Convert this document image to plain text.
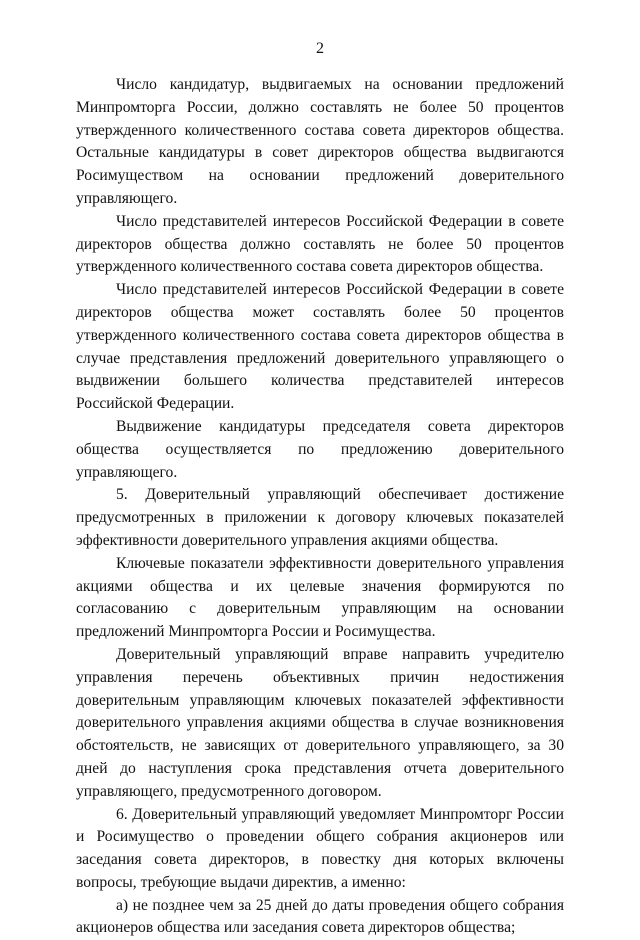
2

Число кандидатур, выдвигаемых на основании предложений Минпромторга России, должно составлять не более 50 процентов утвержденного количественного состава совета директоров общества. Остальные кандидатуры в совет директоров общества выдвигаются Росимуществом на основании предложений доверительного управляющего.

Число представителей интересов Российской Федерации в совете директоров общества должно составлять не более 50 процентов утвержденного количественного состава совета директоров общества.

Число представителей интересов Российской Федерации в совете директоров общества может составлять более 50 процентов утвержденного количественного состава совета директоров общества в случае представления предложений доверительного управляющего о выдвижении большего количества представителей интересов Российской Федерации.

Выдвижение кандидатуры председателя совета директоров общества осуществляется по предложению доверительного управляющего.

5. Доверительный управляющий обеспечивает достижение предусмотренных в приложении к договору ключевых показателей эффективности доверительного управления акциями общества.

Ключевые показатели эффективности доверительного управления акциями общества и их целевые значения формируются по согласованию с доверительным управляющим на основании предложений Минпромторга России и Росимущества.

Доверительный управляющий вправе направить учредителю управления перечень объективных причин недостижения доверительным управляющим ключевых показателей эффективности доверительного управления акциями общества в случае возникновения обстоятельств, не зависящих от доверительного управляющего, за 30 дней до наступления срока представления отчета доверительного управляющего, предусмотренного договором.

6. Доверительный управляющий уведомляет Минпромторг России и Росимущество о проведении общего собрания акционеров или заседания совета директоров, в повестку дня которых включены вопросы, требующие выдачи директив, а именно:

а) не позднее чем за 25 дней до даты проведения общего собрания акционеров общества или заседания совета директоров общества;
